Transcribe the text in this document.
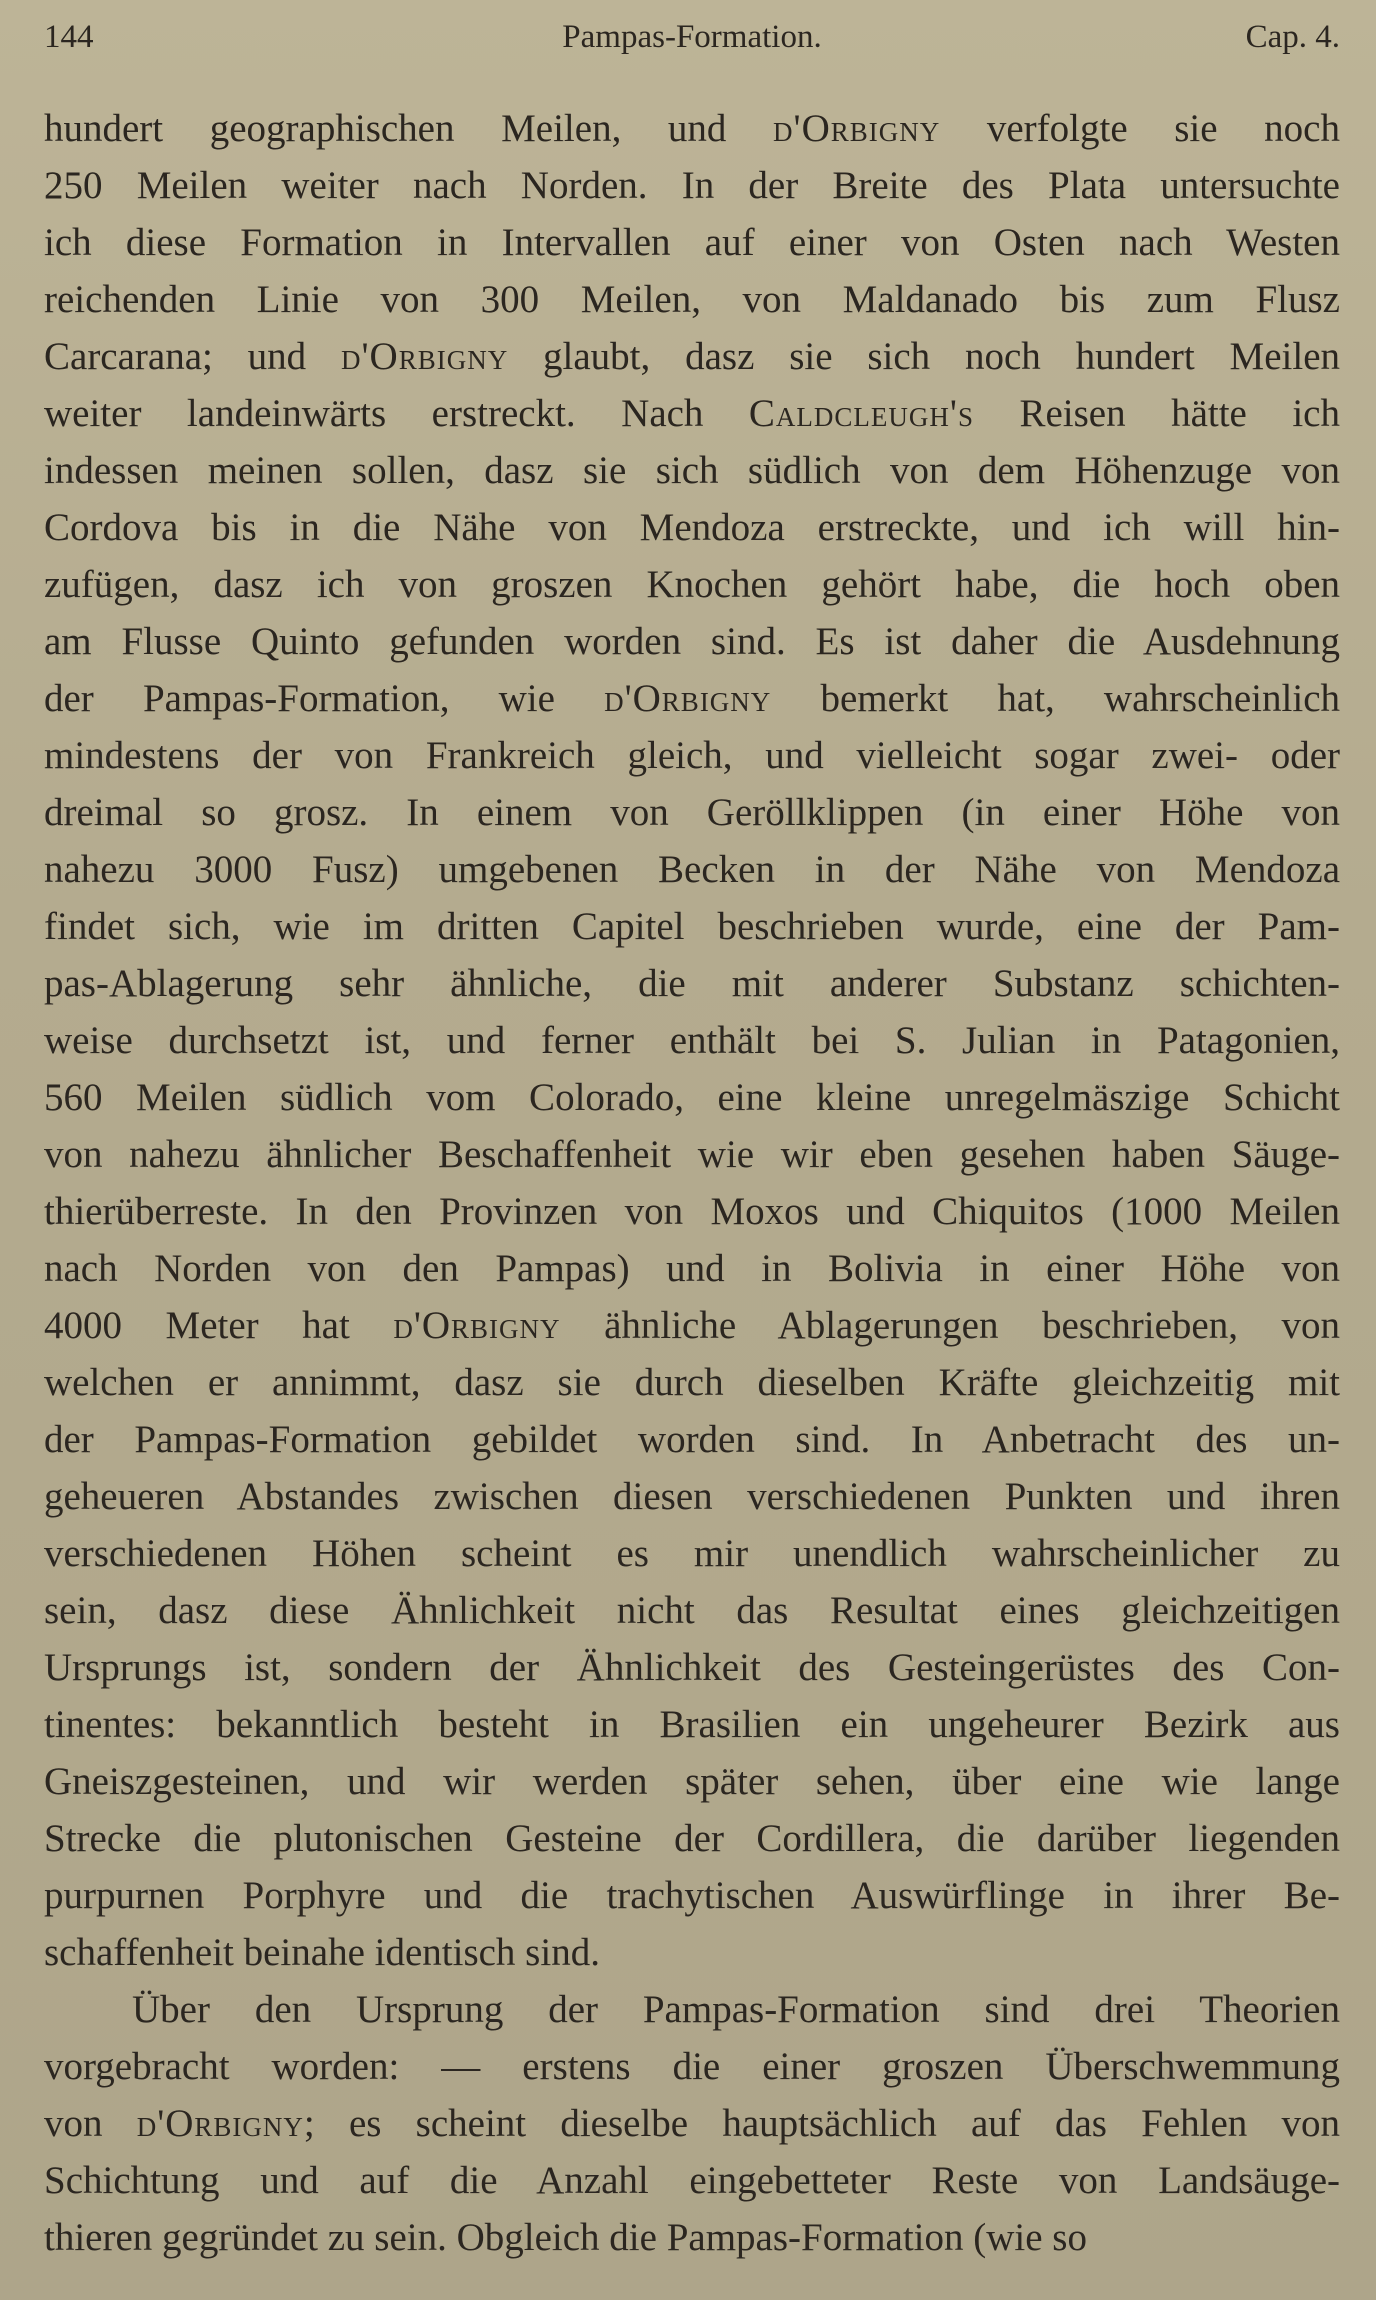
144	Pampas-Formation.	Cap. 4.
hundert geographischen Meilen, und d'Orbigny verfolgte sie noch
250 Meilen weiter nach Norden. In der Breite des Plata untersuchte
ich diese Formation in Intervallen auf einer von Osten nach Westen
reichenden Linie von 300 Meilen, von Maldanado bis zum Flusz
Carcarana; und d'Orbigny glaubt, dasz sie sich noch hundert Meilen
weiter landeinwärts erstreckt. Nach Caldcleugh's Reisen hätte ich
indessen meinen sollen, dasz sie sich südlich von dem Höhenzuge von
Cordova bis in die Nähe von Mendoza erstreckte, und ich will hin-
zufügen, dasz ich von groszen Knochen gehört habe, die hoch oben
am Flusse Quinto gefunden worden sind. Es ist daher die Ausdehnung
der Pampas-Formation, wie d'Orbigny bemerkt hat, wahrscheinlich
mindestens der von Frankreich gleich, und vielleicht sogar zwei- oder
dreimal so grosz. In einem von Geröllklippen (in einer Höhe von
nahezu 3000 Fusz) umgebenen Becken in der Nähe von Mendoza
findet sich, wie im dritten Capitel beschrieben wurde, eine der Pam-
pas-Ablagerung sehr ähnliche, die mit anderer Substanz schichten-
weise durchsetzt ist, und ferner enthält bei S. Julian in Patagonien,
560 Meilen südlich vom Colorado, eine kleine unregelmäszige Schicht
von nahezu ähnlicher Beschaffenheit wie wir eben gesehen haben Säuge-
thierüberreste. In den Provinzen von Moxos und Chiquitos (1000 Meilen
nach Norden von den Pampas) und in Bolivia in einer Höhe von
4000 Meter hat d'Orbigny ähnliche Ablagerungen beschrieben, von
welchen er annimmt, dasz sie durch dieselben Kräfte gleichzeitig mit
der Pampas-Formation gebildet worden sind. In Anbetracht des un-
geheueren Abstandes zwischen diesen verschiedenen Punkten und ihren
verschiedenen Höhen scheint es mir unendlich wahrscheinlicher zu
sein, dasz diese Ähnlichkeit nicht das Resultat eines gleichzeitigen
Ursprungs ist, sondern der Ähnlichkeit des Gesteingerüstes des Con-
tinentes: bekanntlich besteht in Brasilien ein ungeheurer Bezirk aus
Gneiszgesteinen, und wir werden später sehen, über eine wie lange
Strecke die plutonischen Gesteine der Cordillera, die darüber liegenden
purpurnen Porphyre und die trachytischen Auswürflinge in ihrer Be-
schaffenheit beinahe identisch sind.
Über den Ursprung der Pampas-Formation sind drei Theorien
vorgebracht worden: — erstens die einer groszen Überschwemmung
von d'Orbigny; es scheint dieselbe hauptsächlich auf das Fehlen von
Schichtung und auf die Anzahl eingebetteter Reste von Landsäuge-
thieren gegründet zu sein. Obgleich die Pampas-Formation (wie so
